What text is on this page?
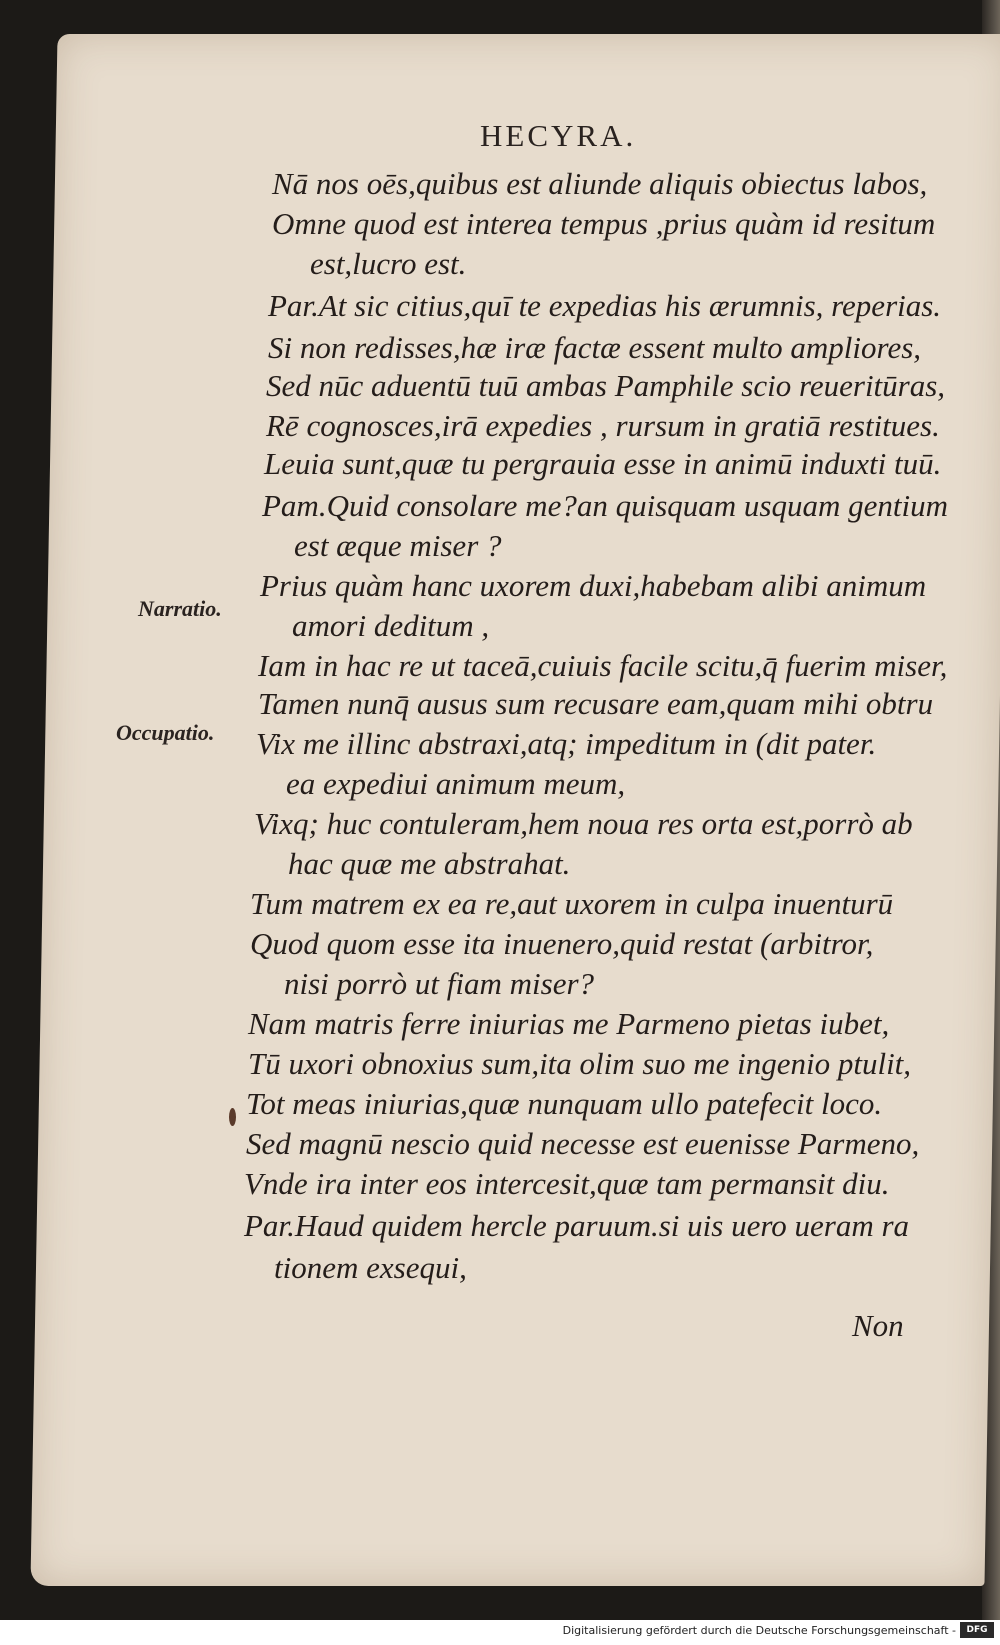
HECYRA.
Nā nos oēs,quibus est aliunde aliquis obiectus labos,
Omne quod est interea tempus ,prius quàm id resitum
est,lucro est.
Par.At sic citius,quī te expedias his ærumnis, reperias.
Si non redisses,hæ iræ factæ essent multo ampliores,
Sed nūc aduentū tuū ambas Pamphile scio reueritūras,
Rē cognosces,irā expedies , rursum in gratiā restitues.
Leuia sunt,quæ tu pergrauia esse in animū induxti tuū.
Pam.Quid consolare me?an quisquam usquam gentium
est æque miser ?
Prius quàm hanc uxorem duxi,habebam alibi animum
amori deditum ,
Iam in hac re ut taceā,cuiuis facile scitu,q̄ fuerim miser,
Tamen nunq̄ ausus sum recusare eam,quam mihi obtru
Vix me illinc abstraxi,atq; impeditum in (dit pater.
ea expediui animum meum,
Vixq; huc contuleram,hem noua res orta est,porrò ab
hac quæ me abstrahat.
Tum matrem ex ea re,aut uxorem in culpa inuenturū
Quod quom esse ita inuenero,quid restat (arbitror,
nisi porrò ut fiam miser?
Nam matris ferre iniurias me Parmeno pietas iubet,
Tū uxori obnoxius sum,ita olim suo me ingenio ptulit,
Tot meas iniurias,quæ nunquam ullo patefecit loco.
Sed magnū nescio quid necesse est euenisse Parmeno,
Vnde ira inter eos intercesit,quæ tam permansit diu.
Par.Haud quidem hercle paruum.si uis uero ueram ra
tionem exsequi,
Non
Narratio.
Occupatio.
Digitalisierung gefördert durch die Deutsche Forschungsgemeinschaft -	DFG
